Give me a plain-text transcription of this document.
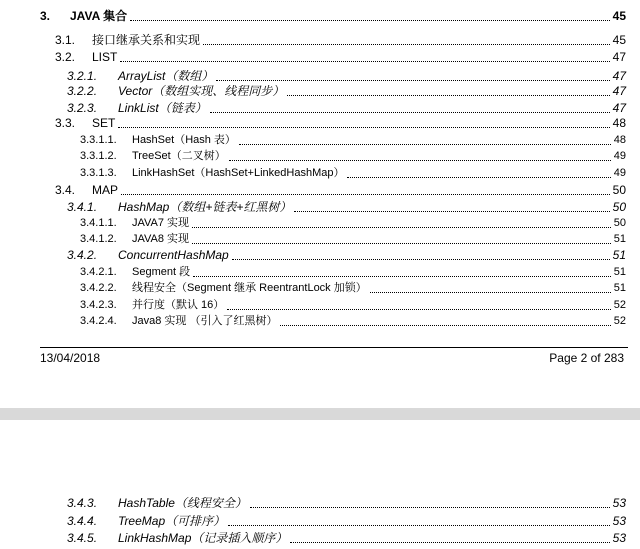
3. JAVA 集合	45
3.1. 接口继承关系和实现	45
3.2. LIST	47
3.2.1. ArrayList（数组）	47
3.2.2. Vector（数组实现、线程同步）	47
3.2.3. LinkList（链表）	47
3.3. SET	48
3.3.1.1. HashSet（Hash 表）	48
3.3.1.2. TreeSet（二叉树）	49
3.3.1.3. LinkHashSet（HashSet+LinkedHashMap）	49
3.4. MAP	50
3.4.1. HashMap（数组+链表+红黑树）	50
3.4.1.1. JAVA7 实现	50
3.4.1.2. JAVA8 实现	51
3.4.2. ConcurrentHashMap	51
3.4.2.1. Segment 段	51
3.4.2.2. 线程安全（Segment 继承 ReentrantLock 加锁）	51
3.4.2.3. 并行度（默认 16）	52
3.4.2.4. Java8 实现 （引入了红黑树）	52
13/04/2018	Page 2 of 283
3.4.3. HashTable（线程安全）	53
3.4.4. TreeMap（可排序）	53
3.4.5. LinkHashMap（记录插入顺序）	53
